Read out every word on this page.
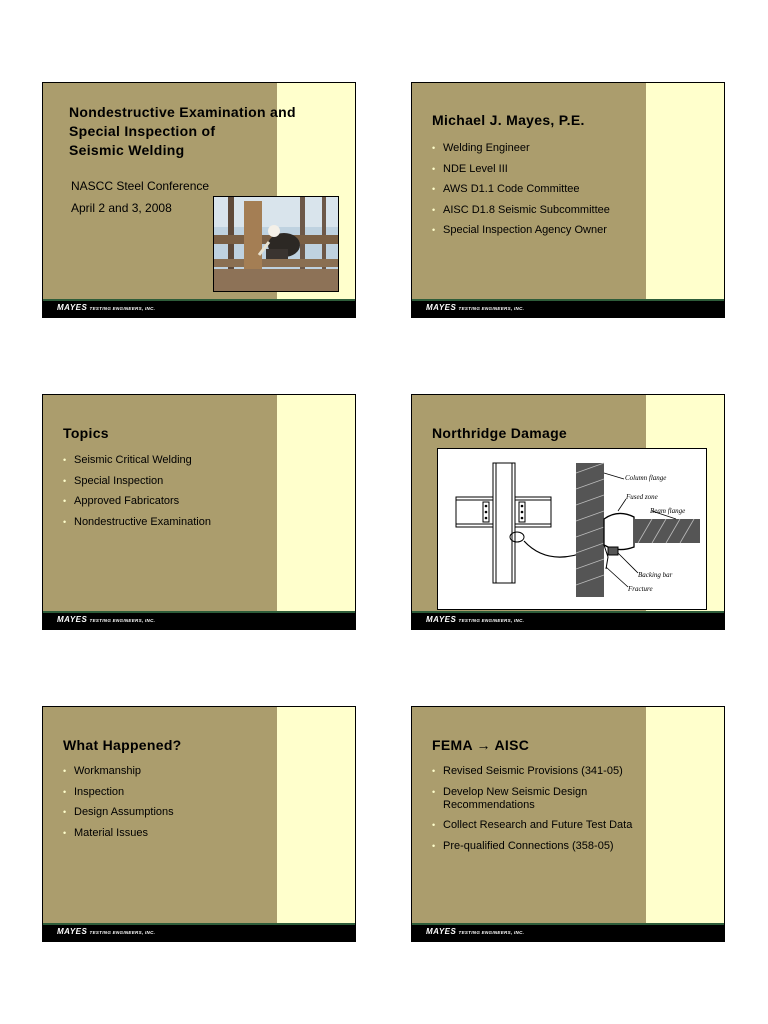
Nondestructive Examination and
Special Inspection of
Seismic Welding
NASCC Steel Conference
April 2 and 3, 2008
MAYES TESTING ENGINEERS, INC.
Michael J. Mayes, P.E.
• Welding Engineer
• NDE Level III
• AWS D1.1 Code Committee
• AISC D1.8 Seismic Subcommittee
• Special Inspection Agency Owner
MAYES TESTING ENGINEERS, INC.
Topics
• Seismic Critical Welding
• Special Inspection
• Approved Fabricators
• Nondestructive Examination
MAYES TESTING ENGINEERS, INC.
Northridge Damage
Column flange
Fused zone
Beam flange
Backing bar
Fracture
MAYES TESTING ENGINEERS, INC.
What Happened?
• Workmanship
• Inspection
• Design Assumptions
• Material Issues
MAYES TESTING ENGINEERS, INC.
FEMA → AISC
• Revised Seismic Provisions (341-05)
• Develop New Seismic Design Recommendations
• Collect Research and Future Test Data
• Pre-qualified Connections (358-05)
MAYES TESTING ENGINEERS, INC.
